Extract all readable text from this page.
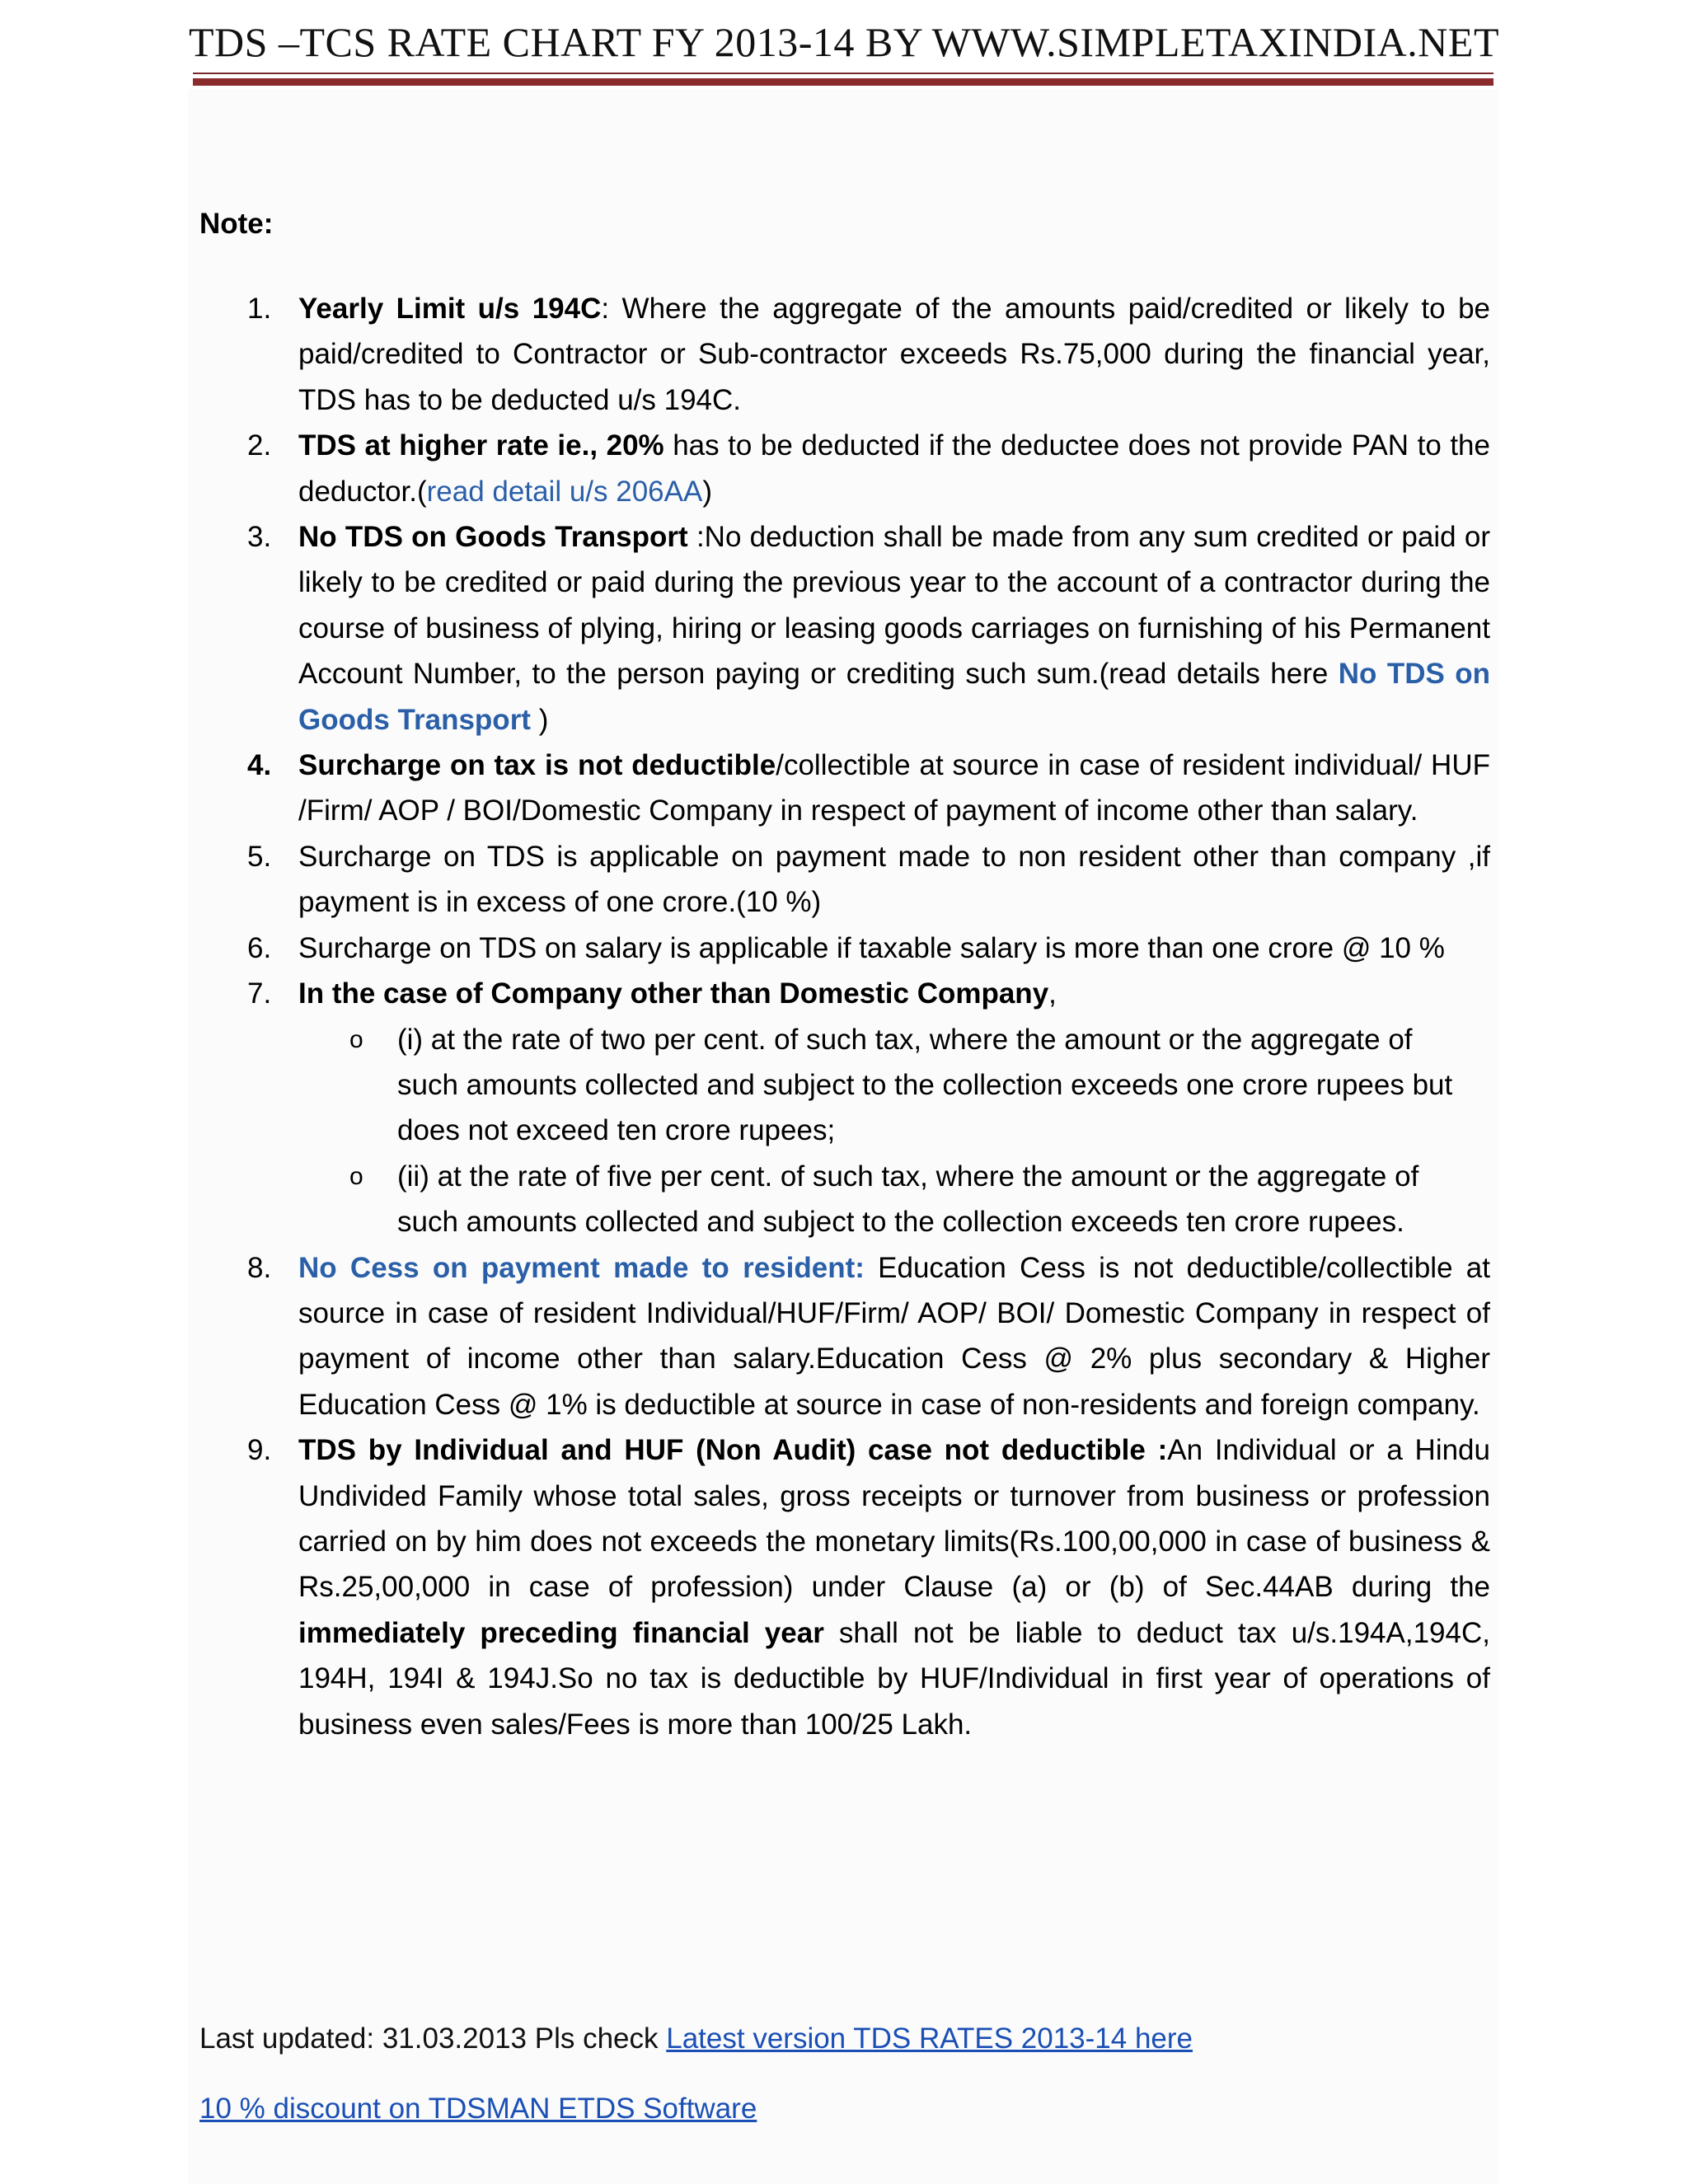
TDS –TCS RATE CHART FY 2013-14 BY WWW.SIMPLETAXINDIA.NET
Note:
1. Yearly Limit u/s 194C: Where the aggregate of the amounts paid/credited or likely to be paid/credited to Contractor or Sub-contractor exceeds Rs.75,000 during the financial year, TDS has to be deducted u/s 194C.
2. TDS at higher rate ie., 20% has to be deducted if the deductee does not provide PAN to the deductor.(read detail u/s 206AA)
3. No TDS on Goods Transport :No deduction shall be made from any sum credited or paid or likely to be credited or paid during the previous year to the account of a contractor during the course of business of plying, hiring or leasing goods carriages on furnishing of his Permanent Account Number, to the person paying or crediting such sum.(read details here No TDS on Goods Transport )
4. Surcharge on tax is not deductible/collectible at source in case of resident individual/ HUF /Firm/ AOP / BOI/Domestic Company in respect of payment of income other than salary.
5. Surcharge on TDS is applicable on payment made to non resident other than company ,if payment is in excess of one crore.(10 %)
6. Surcharge on TDS on salary is applicable if taxable salary is more than one crore @ 10 %
7. In the case of Company other than Domestic Company,
o (i) at the rate of two per cent. of such tax, where the amount or the aggregate of such amounts collected and subject to the collection exceeds one crore rupees but does not exceed ten crore rupees;
o (ii) at the rate of five per cent. of such tax, where the amount or the aggregate of such amounts collected and subject to the collection exceeds ten crore rupees.
8. No Cess on payment made to resident: Education Cess is not deductible/collectible at source in case of resident Individual/HUF/Firm/ AOP/ BOI/ Domestic Company in respect of payment of income other than salary.Education Cess @ 2% plus secondary & Higher Education Cess @ 1% is deductible at source in case of non-residents and foreign company.
9. TDS by Individual and HUF (Non Audit) case not deductible :An Individual or a Hindu Undivided Family whose total sales, gross receipts or turnover from business or profession carried on by him does not exceeds the monetary limits(Rs.100,00,000 in case of business & Rs.25,00,000 in case of profession) under Clause (a) or (b) of Sec.44AB during the immediately preceding financial year shall not be liable to deduct tax u/s.194A,194C, 194H, 194I & 194J.So no tax is deductible by HUF/Individual in first year of operations of business even sales/Fees is more than 100/25 Lakh.
Last updated: 31.03.2013 Pls check Latest version TDS RATES 2013-14 here
10 % discount on TDSMAN ETDS Software
